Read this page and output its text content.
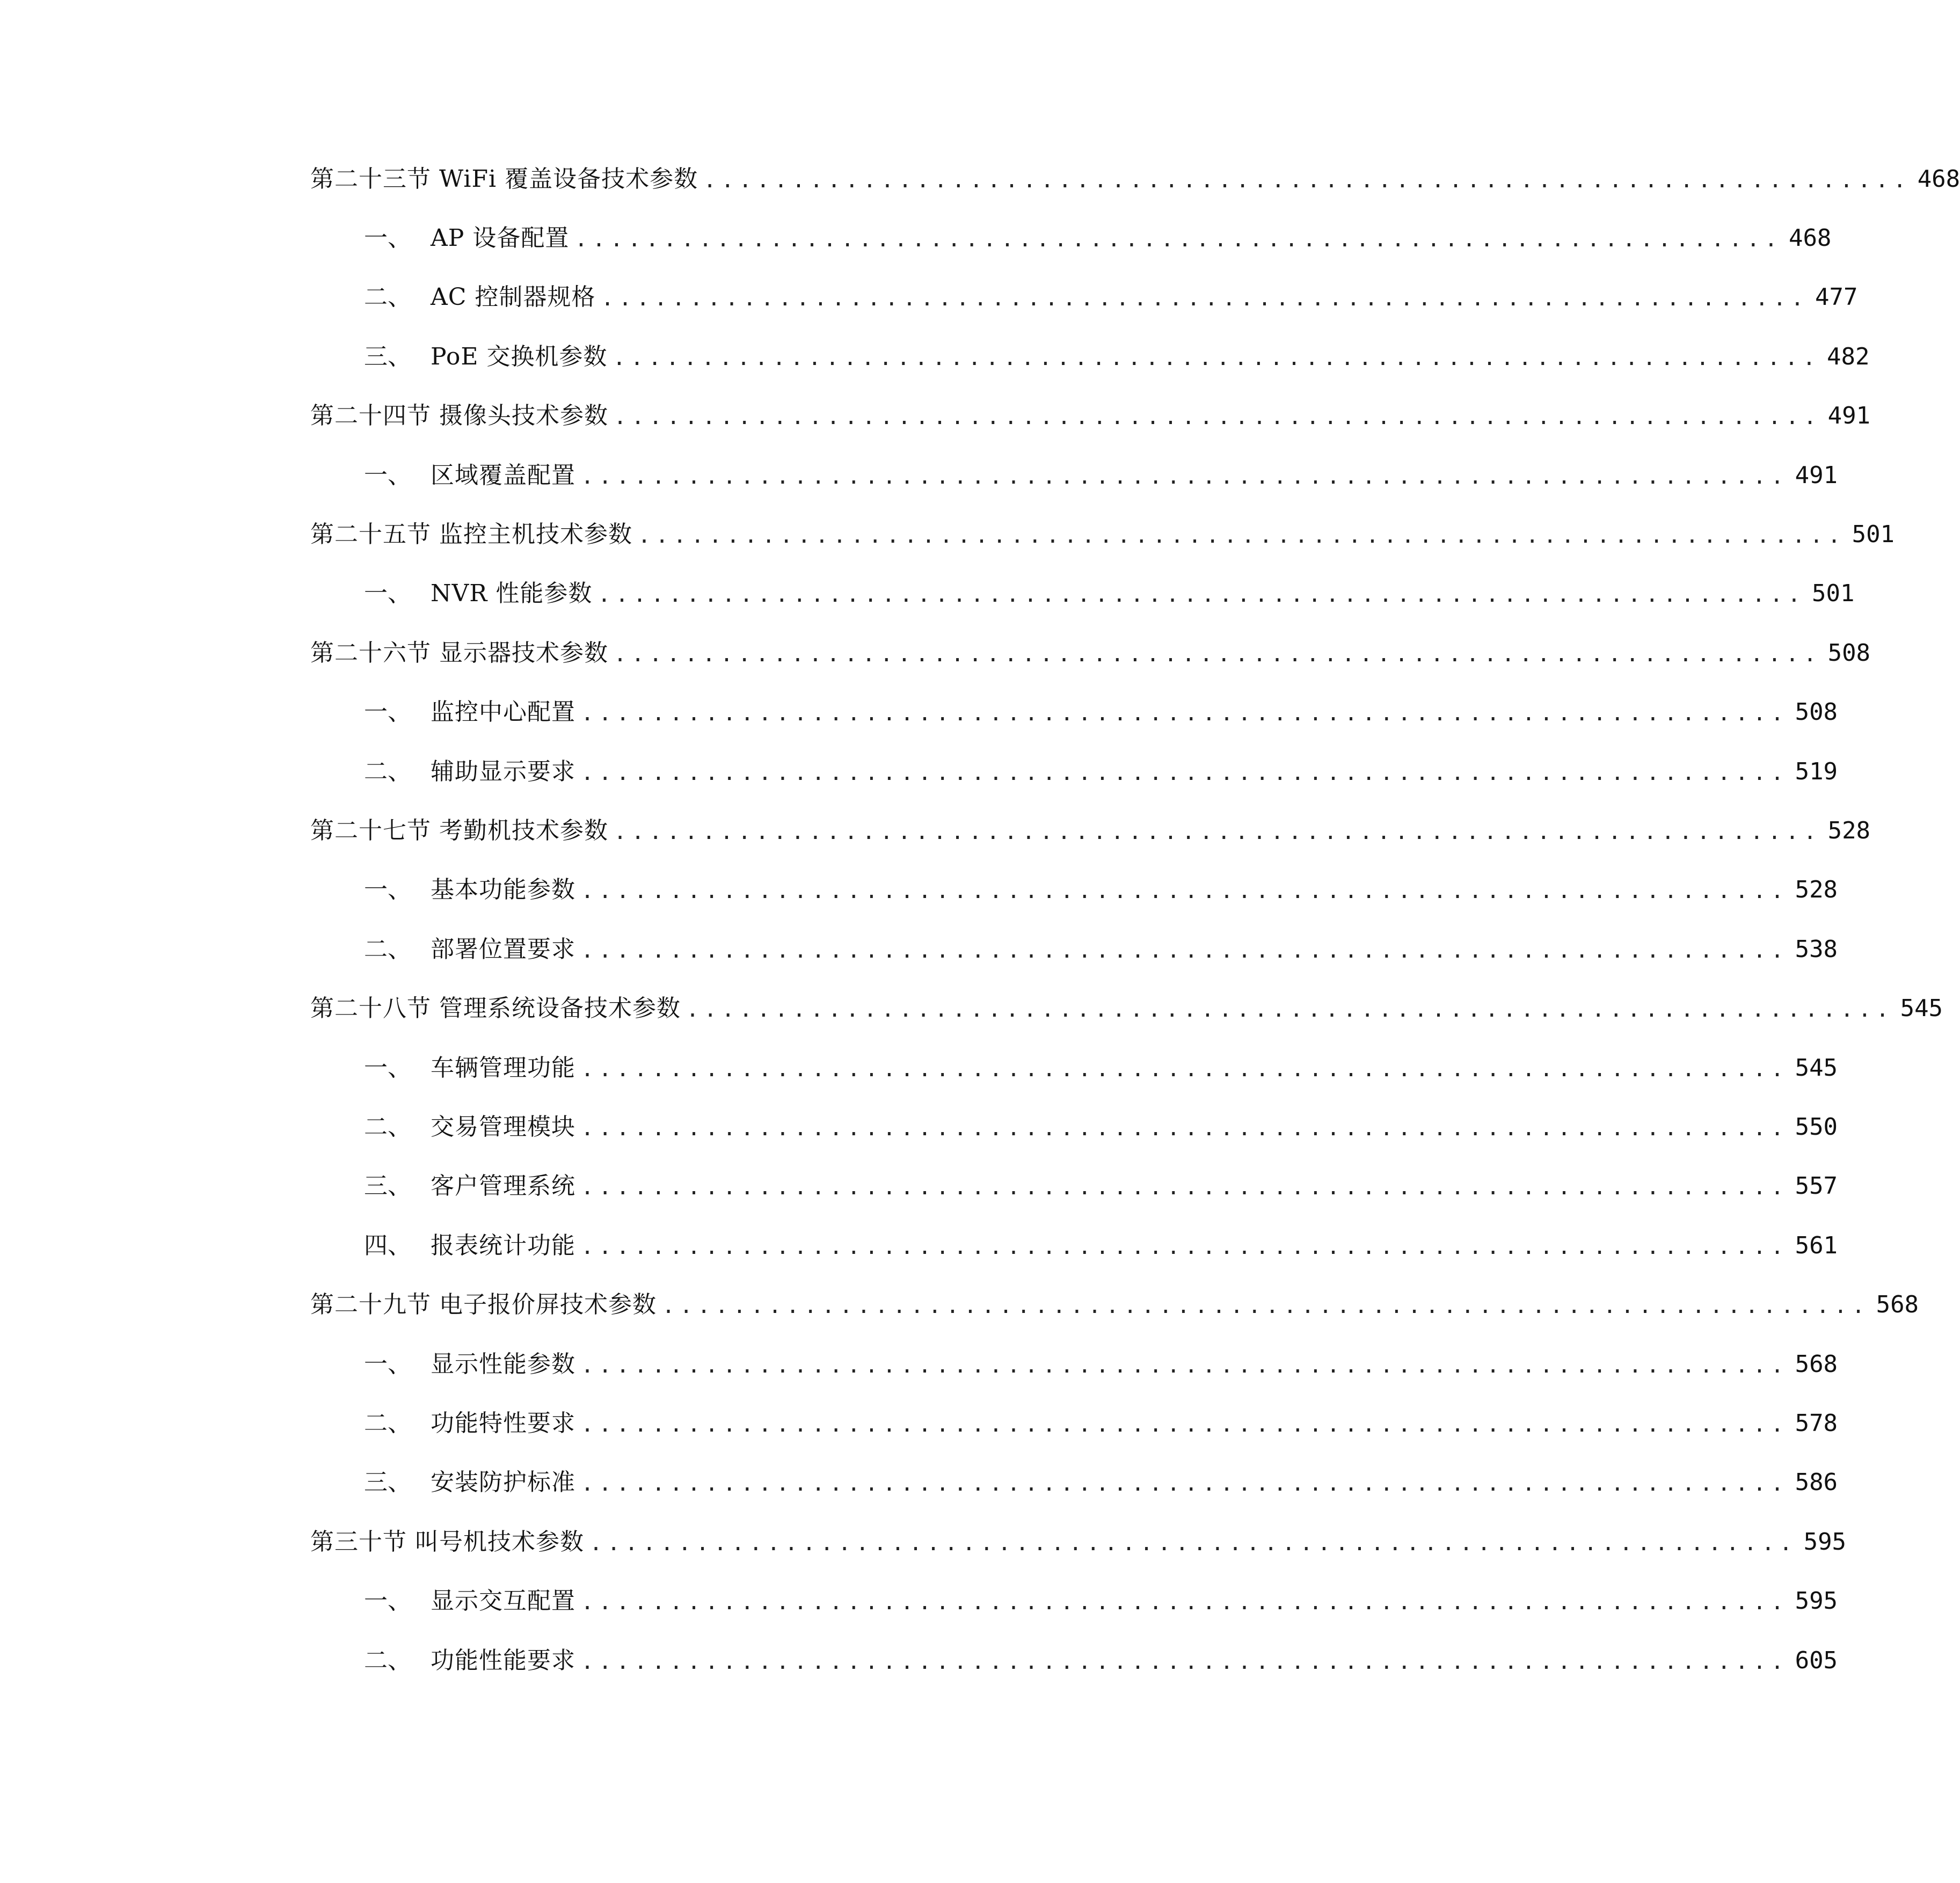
第二十三节 WiFi 覆盖设备技术参数 .................................................................... 468
一、 AP 设备配置 .................................................................... 468
二、 AC 控制器规格 .................................................................... 477
三、 PoE 交换机参数 .................................................................... 482
第二十四节 摄像头技术参数 .................................................................... 491
一、 区域覆盖配置 .................................................................... 491
第二十五节 监控主机技术参数 .................................................................... 501
一、 NVR 性能参数 .................................................................... 501
第二十六节 显示器技术参数 .................................................................... 508
一、 监控中心配置 .................................................................... 508
二、 辅助显示要求 .................................................................... 519
第二十七节 考勤机技术参数 .................................................................... 528
一、 基本功能参数 .................................................................... 528
二、 部署位置要求 .................................................................... 538
第二十八节 管理系统设备技术参数 .................................................................... 545
一、 车辆管理功能 .................................................................... 545
二、 交易管理模块 .................................................................... 550
三、 客户管理系统 .................................................................... 557
四、 报表统计功能 .................................................................... 561
第二十九节 电子报价屏技术参数 .................................................................... 568
一、 显示性能参数 .................................................................... 568
二、 功能特性要求 .................................................................... 578
三、 安装防护标准 .................................................................... 586
第三十节 叫号机技术参数 .................................................................... 595
一、 显示交互配置 .................................................................... 595
二、 功能性能要求 .................................................................... 605
